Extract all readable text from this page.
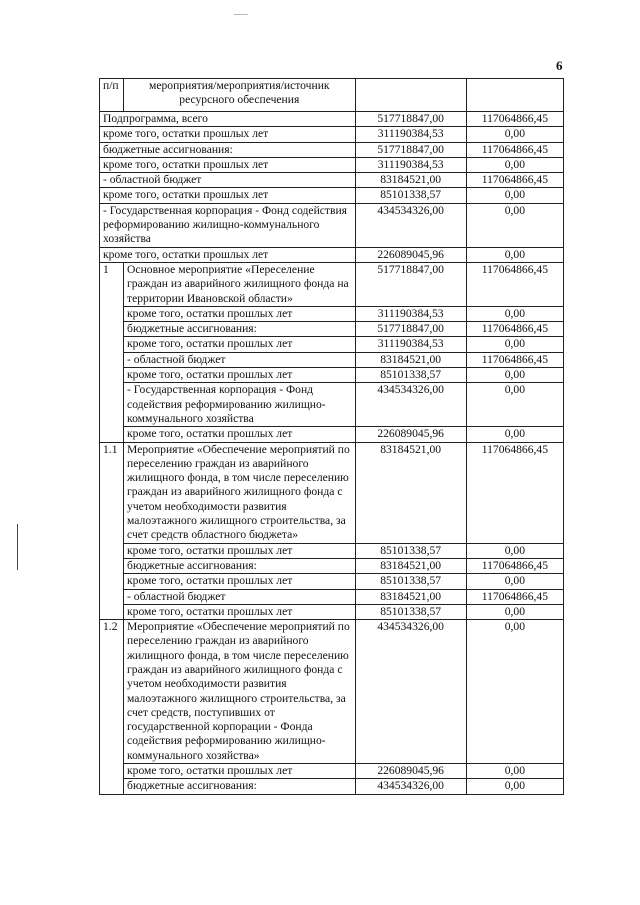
6
п/п	мероприятия/мероприятия/источник ресурсного обеспечения		

Подпрограмма, всего		517718847,00	117064866,45
кроме того, остатки прошлых лет		311190384,53	0,00
бюджетные ассигнования:		517718847,00	117064866,45
кроме того, остатки прошлых лет		311190384,53	0,00
- областной бюджет		83184521,00	117064866,45
кроме того, остатки прошлых лет		85101338,57	0,00
- Государственная корпорация - Фонд содействия реформированию жилищно-коммунального хозяйства		434534326,00	0,00
кроме того, остатки прошлых лет		226089045,96	0,00
1	Основное мероприятие «Переселение граждан из аварийного жилищного фонда на территории Ивановской области»	517718847,00	117064866,45
	кроме того, остатки прошлых лет	311190384,53	0,00
	бюджетные ассигнования:	517718847,00	117064866,45
	кроме того, остатки прошлых лет	311190384,53	0,00
	- областной бюджет	83184521,00	117064866,45
	кроме того, остатки прошлых лет	85101338,57	0,00
	- Государственная корпорация - Фонд содействия реформированию жилищно-коммунального хозяйства	434534326,00	0,00
	кроме того, остатки прошлых лет	226089045,96	0,00
1.1	Мероприятие «Обеспечение мероприятий по переселению граждан из аварийного жилищного фонда, в том числе переселению граждан из аварийного жилищного фонда с учетом необходимости развития малоэтажного жилищного строительства, за счет средств областного бюджета»	83184521,00	117064866,45
	кроме того, остатки прошлых лет	85101338,57	0,00
	бюджетные ассигнования:	83184521,00	117064866,45
	кроме того, остатки прошлых лет	85101338,57	0,00
	- областной бюджет	83184521,00	117064866,45
	кроме того, остатки прошлых лет	85101338,57	0,00
1.2	Мероприятие «Обеспечение мероприятий по переселению граждан из аварийного жилищного фонда, в том числе переселению граждан из аварийного жилищного фонда с учетом необходимости развития малоэтажного жилищного строительства, за счет средств, поступивших от государственной корпорации - Фонда содействия реформированию жилищно-коммунального хозяйства»	434534326,00	0,00
	кроме того, остатки прошлых лет	226089045,96	0,00
	бюджетные ассигнования:	434534326,00	0,00
